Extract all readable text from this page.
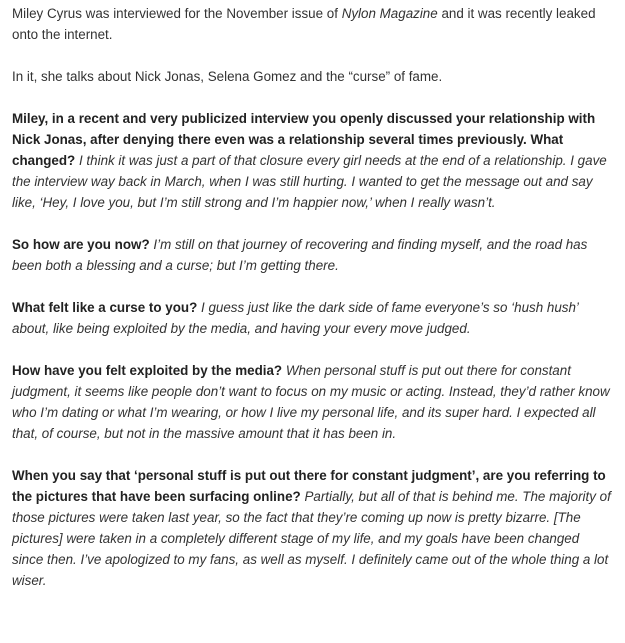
Miley Cyrus was interviewed for the November issue of Nylon Magazine and it was recently leaked onto the internet.

In it, she talks about Nick Jonas, Selena Gomez and the “curse” of fame.

Miley, in a recent and very publicized interview you openly discussed your relationship with Nick Jonas, after denying there even was a relationship several times previously. What changed? I think it was just a part of that closure every girl needs at the end of a relationship. I gave the interview way back in March, when I was still hurting. I wanted to get the message out and say like, ‘Hey, I love you, but I’m still strong and I’m happier now,’ when I really wasn’t.

So how are you now? I’m still on that journey of recovering and finding myself, and the road has been both a blessing and a curse; but I’m getting there.

What felt like a curse to you? I guess just like the dark side of fame everyone’s so ‘hush hush’ about, like being exploited by the media, and having your every move judged.

How have you felt exploited by the media? When personal stuff is put out there for constant judgment, it seems like people don’t want to focus on my music or acting. Instead, they’d rather know who I’m dating or what I’m wearing, or how I live my personal life, and its super hard. I expected all that, of course, but not in the massive amount that it has been in.

When you say that ‘personal stuff is put out there for constant judgment’, are you referring to the pictures that have been surfacing online? Partially, but all of that is behind me. The majority of those pictures were taken last year, so the fact that they’re coming up now is pretty bizarre. [The pictures] were taken in a completely different stage of my life, and my goals have been changed since then. I’ve apologized to my fans, as well as myself. I definitely came out of the whole thing a lot wiser.
